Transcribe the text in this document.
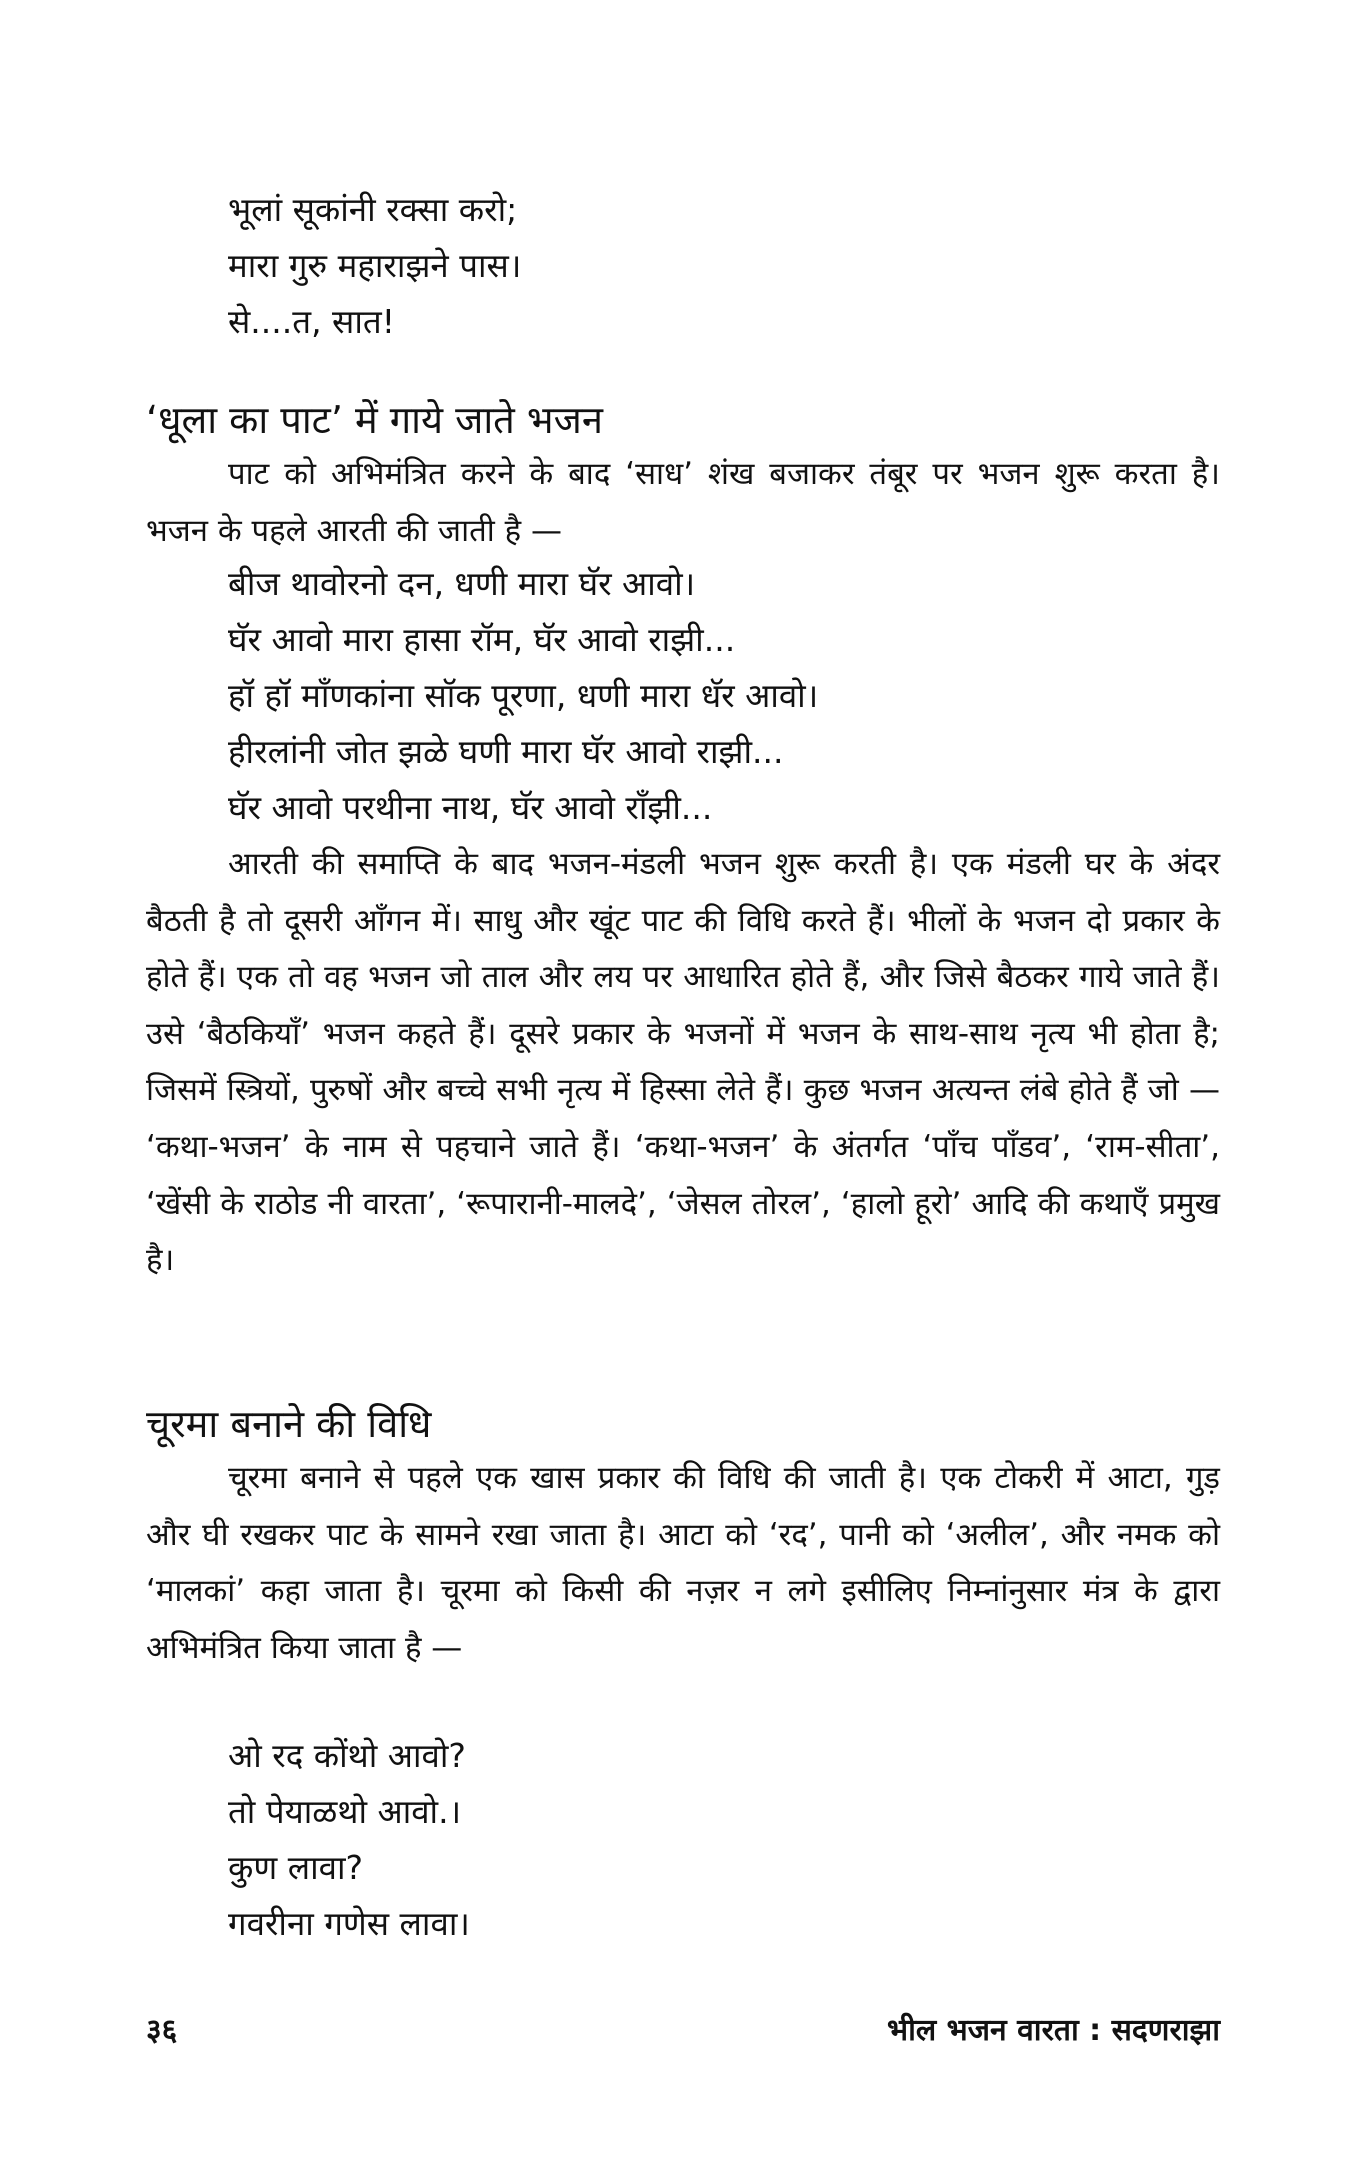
भूलां सूकांनी रक्सा करो;
मारा गुरु महाराझने पास।
से....त, सात!
‘धूला का पाट’ में गाये जाते भजन
पाट को अभिमंत्रित करने के बाद ‘साध’ शंख बजाकर तंबूर पर भजन शुरू करता है। भजन के पहले आरती की जाती है —
बीज थावोरनो दन, धणी मारा घॅर आवो।
घॅर आवो मारा हासा रॉम, घॅर आवो राझी...
हॉ हॉ मॉंणकांना सॉक पूरणा, धणी मारा धॅर आवो।
हीरलांनी जोत झळे घणी मारा घॅर आवो राझी...
घॅर आवो परथीना नाथ, घॅर आवो राँझी...
आरती की समाप्ति के बाद भजन-मंडली भजन शुरू करती है। एक मंडली घर के अंदर बैठती है तो दूसरी आँगन में। साधु और खूंट पाट की विधि करते हैं। भीलों के भजन दो प्रकार के होते हैं। एक तो वह भजन जो ताल और लय पर आधारित होते हैं, और जिसे बैठकर गाये जाते हैं। उसे ‘बैठकियाँ’ भजन कहते हैं। दूसरे प्रकार के भजनों में भजन के साथ-साथ नृत्य भी होता है; जिसमें स्त्रियों, पुरुषों और बच्चे सभी नृत्य में हिस्सा लेते हैं। कुछ भजन अत्यन्त लंबे होते हैं जो — ‘कथा-भजन’ के नाम से पहचाने जाते हैं। ‘कथा-भजन’ के अंतर्गत ‘पाँच पाँडव’, ‘राम-सीता’, ‘खेंसी के राठोड नी वारता’, ‘रूपारानी-मालदे’, ‘जेसल तोरल’, ‘हालो हूरो’ आदि की कथाएँ प्रमुख है।
चूरमा बनाने की विधि
चूरमा बनाने से पहले एक खास प्रकार की विधि की जाती है। एक टोकरी में आटा, गुड़ और घी रखकर पाट के सामने रखा जाता है। आटा को ‘रद’, पानी को ‘अलील’, और नमक को ‘मालकां’ कहा जाता है। चूरमा को किसी की नज़र न लगे इसीलिए निम्नांनुसार मंत्र के द्वारा अभिमंत्रित किया जाता है —
ओ रद कोंथो आवो?
तो पेयाळथो आवो.।
कुण लावा?
गवरीना गणेस लावा।
३६	भील भजन वारता : सदणराझा
